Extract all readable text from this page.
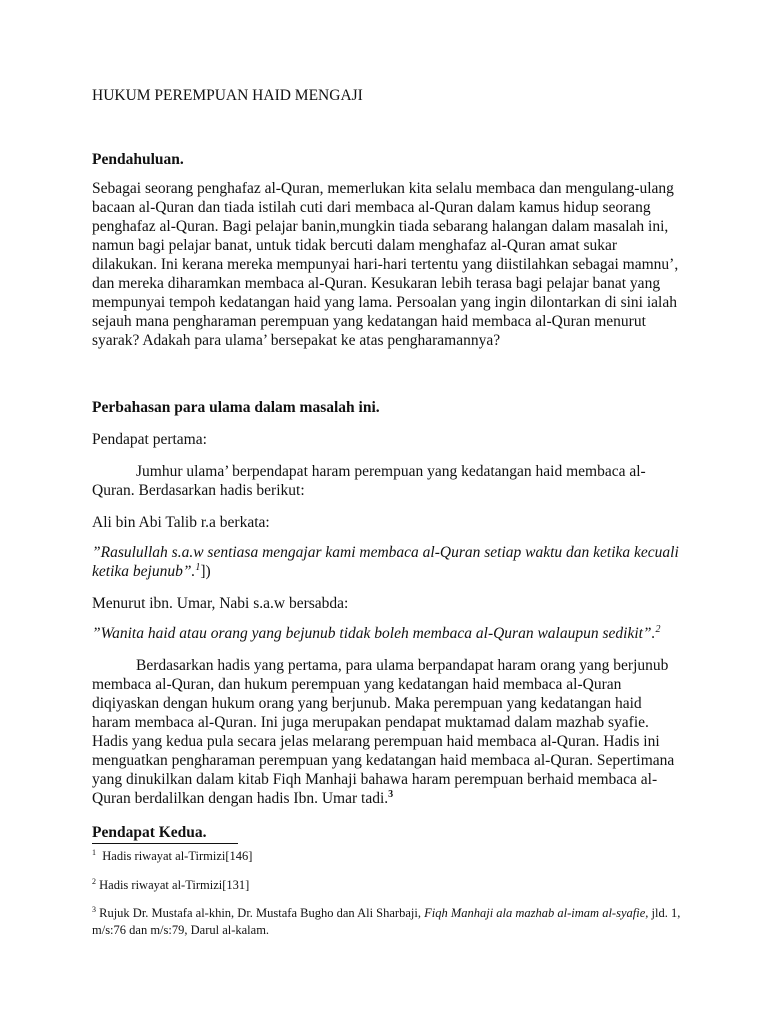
HUKUM PEREMPUAN HAID MENGAJI
Pendahuluan.

Sebagai seorang penghafaz al-Quran, memerlukan kita selalu membaca dan mengulang-ulang bacaan al-Quran dan tiada istilah cuti dari membaca al-Quran dalam kamus hidup seorang penghafaz al-Quran. Bagi pelajar banin,mungkin tiada sebarang halangan dalam masalah ini, namun bagi pelajar banat, untuk tidak bercuti dalam menghafaz al-Quran amat sukar dilakukan. Ini kerana mereka mempunyai hari-hari tertentu yang diistilahkan sebagai mamnu’, dan mereka diharamkan membaca al-Quran. Kesukaran lebih terasa bagi pelajar banat yang mempunyai tempoh kedatangan haid yang lama. Persoalan yang ingin dilontarkan di sini ialah sejauh mana pengharaman perempuan yang kedatangan haid membaca al-Quran menurut syarak? Adakah para ulama’ bersepakat ke atas pengharamannya?

Perbahasan para ulama dalam masalah ini.
Pendapat pertama:

Jumhur ulama’ berpendapat haram perempuan yang kedatangan haid membaca al-Quran. Berdasarkan hadis berikut:

Ali bin Abi Talib r.a berkata:

”Rasulullah s.a.w sentiasa mengajar kami membaca al-Quran setiap waktu dan ketika kecuali ketika bejunub”.$^1$])

Menurut ibn. Umar, Nabi s.a.w bersabda:

”Wanita haid atau orang yang bejunub tidak boleh membaca al-Quran walaupun sedikit”.$^2$

Berdasarkan hadis yang pertama, para ulama berpandapat haram orang yang berjunub membaca al-Quran, dan hukum perempuan yang kedatangan haid membaca al-Quran diqiyaskan dengan hukum orang yang berjunub. Maka perempuan yang kedatangan haid haram membaca al-Quran. Ini juga merupakan pendapat muktamad dalam mazhab syafie. Hadis yang kedua pula secara jelas melarang perempuan haid membaca al-Quran. Hadis ini menguatkan pengharaman perempuan yang kedatangan haid membaca al-Quran. Sepertimana yang dinukilkan dalam kitab Fiqh Manhaji bahawa haram perempuan berhaid membaca al-Quran berdalilkan dengan hadis Ibn. Umar tadi.$^3$

Pendapat Kedua.
$^1$ Hadis riwayat al-Tirmizi[146]
$^2$ Hadis riwayat al-Tirmizi[131]
$^3$ Rujuk Dr. Mustafa al-khin, Dr. Mustafa Bugho dan Ali Sharbaji, Fiqh Manhaji ala mazhab al-imam al-syafie, jld. 1, m/s:76 dan m/s:79, Darul al-kalam.
